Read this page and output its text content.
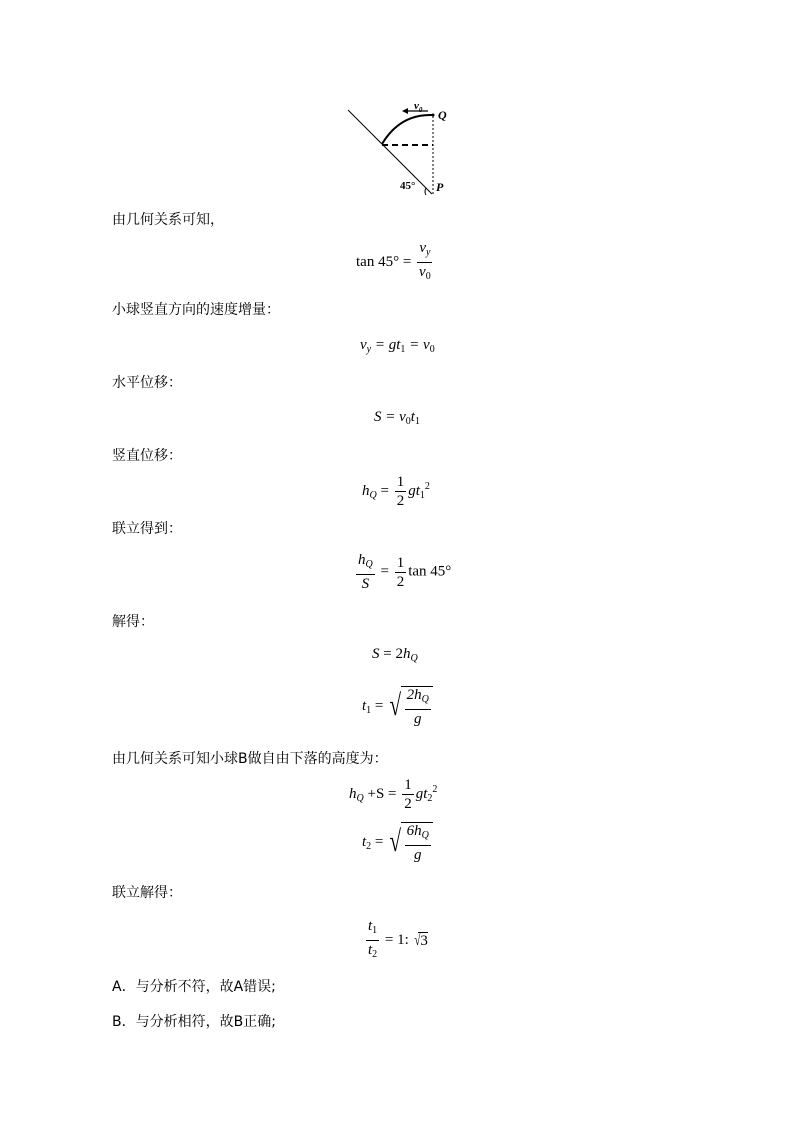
$v_0$ Q
P
45°
由几何关系可知，
小球竖直方向的速度增量：
水平位移：
竖直位移：
联立得到：
解得：
由几何关系可知小球B做自由下落的高度为：
联立解得：
A．与分析不符，故A错误;
B．与分析相符，故B正确;
$\tan 45^\circ = \frac{v_y}{v_0}$
$v_y = gt_1 = v_0$
$S = v_0t_1$
$h_Q = \frac{1}{2} gt_1^2$
$\frac{h_Q}{S} = \frac{1}{2}$ tan 45°
$S = 2h_Q$
$t_1$ = √ $\frac{2h_Q}{g}$
$h_Q +S = \frac{1}{2} gt_2^2$
$t_2$ = √ $\frac{6h_Q}{g}$
$\frac{t_1}{t_2} = 1$: √ 3
